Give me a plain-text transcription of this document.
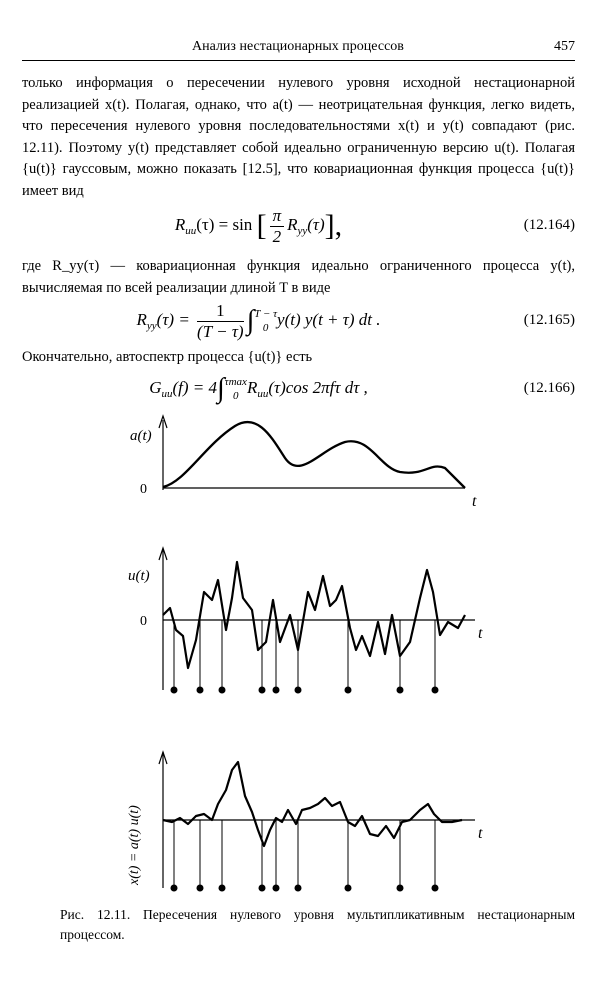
Анализ нестационарных процессов	457
только информация о пересечении нулевого уровня исходной нестационарной реализацией x(t). Полагая, однако, что a(t) — неотрицательная функция, легко видеть, что пересечения нулевого уровня последовательностями x(t) и y(t) совпадают (рис. 12.11). Поэтому y(t) представляет собой идеально ограниченную версию u(t). Полагая {u(t)} гауссовым, можно показать [12.5], что ковариационная функция процесса {u(t)} имеет вид
$R_{uu}(\tau) = \sin$ [ $\frac{\pi}{2} R_{yy}(\tau)$],	(12.164)
где R_yy(τ) — ковариационная функция идеально ограниченного процесса y(t), вычисляемая по всей реализации длиной T в виде
$R_{yy}(\tau) = \frac{1}{(T - \tau)}$ ∫ T − τ
0 y(t) y(t + τ) dt .	(12.165)
Окончательно, автоспектр процесса {u(t)} есть
$G_{uu}(f) = 4\int$ τmax
0 $R_{uu}(\tau)\cos$ 2πfτ dτ ,	(12.166)
a(t)
0
t
u(t)
0
t
x(t) = a(t) u(t)	t
Рис. 12.11. Пересечения нулевого уровня мультипликативным нестационарным процессом.
